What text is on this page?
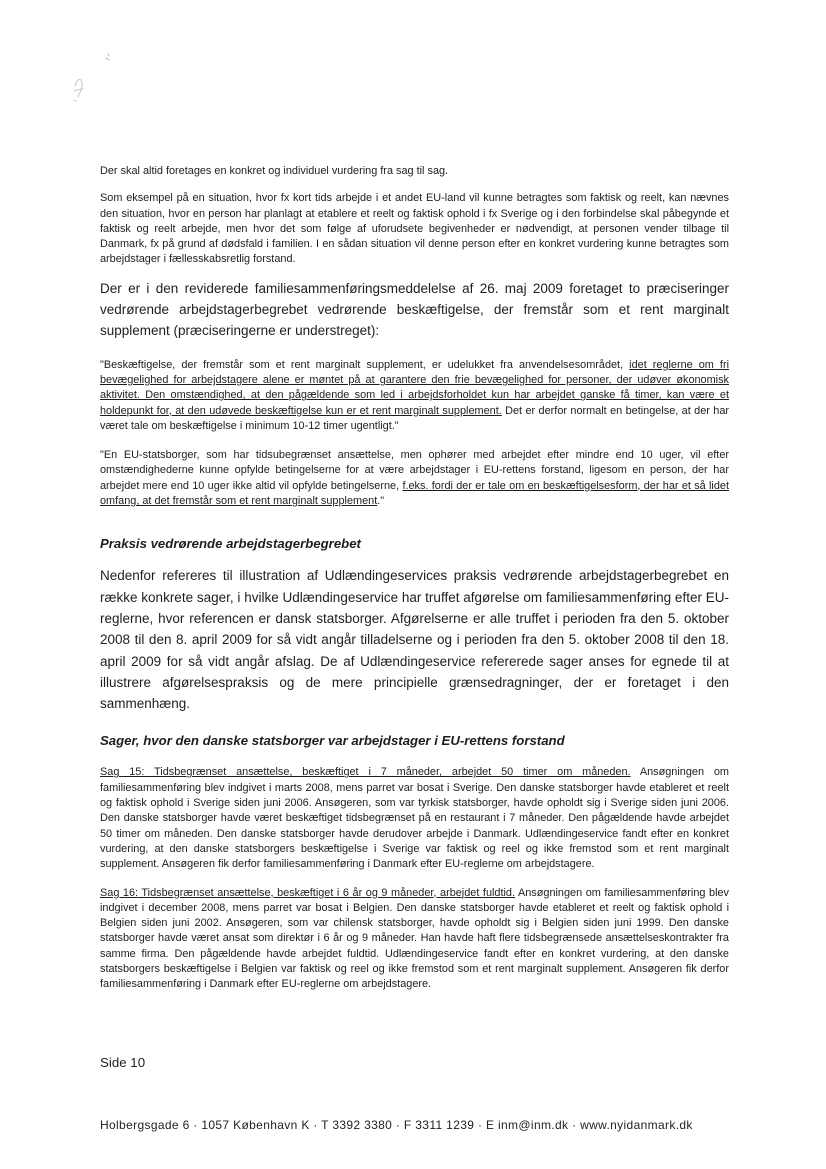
Der skal altid foretages en konkret og individuel vurdering fra sag til sag.

Som eksempel på en situation, hvor fx kort tids arbejde i et andet EU-land vil kunne betragtes som faktisk og reelt, kan nævnes den situation, hvor en person har planlagt at etablere et reelt og faktisk ophold i fx Sverige og i den forbindelse skal påbegynde et faktisk og reelt arbejde, men hvor det som følge af uforudsete begivenheder er nødvendigt, at personen vender tilbage til Danmark, fx på grund af dødsfald i familien. I en sådan situation vil denne person efter en konkret vurdering kunne betragtes som arbejdstager i fællesskabsretlig forstand.

Der er i den reviderede familiesammenføringsmeddelelse af 26. maj 2009 foretaget to præciseringer vedrørende arbejdstagerbegrebet vedrørende beskæftigelse, der fremstår som et rent marginalt supplement (præciseringerne er understreget):

"Beskæftigelse, der fremstår som et rent marginalt supplement, er udelukket fra anvendelsesområdet, idet reglerne om fri bevægelighed for arbejdstagere alene er møntet på at garantere den frie bevægelighed for personer, der udøver økonomisk aktivitet. Den omstændighed, at den pågældende som led i arbejdsforholdet kun har arbejdet ganske få timer, kan være et holdepunkt for, at den udøvede beskæftigelse kun er et rent marginalt supplement. Det er derfor normalt en betingelse, at der har været tale om beskæftigelse i minimum 10-12 timer ugentligt."

"En EU-statsborger, som har tidsubegrænset ansættelse, men ophører med arbejdet efter mindre end 10 uger, vil efter omstændighederne kunne opfylde betingelserne for at være arbejdstager i EU-rettens forstand, ligesom en person, der har arbejdet mere end 10 uger ikke altid vil opfylde betingelserne, f.eks. fordi der er tale om en beskæftigelsesform, der har et så lidet omfang, at det fremstår som et rent marginalt supplement."

Praksis vedrørende arbejdstagerbegrebet

Nedenfor refereres til illustration af Udlændingeservices praksis vedrørende arbejdstagerbegrebet en række konkrete sager, i hvilke Udlændingeservice har truffet afgørelse om familiesammenføring efter EU-reglerne, hvor referencen er dansk statsborger. Afgørelserne er alle truffet i perioden fra den 5. oktober 2008 til den 8. april 2009 for så vidt angår tilladelserne og i perioden fra den 5. oktober 2008 til den 18. april 2009 for så vidt angår afslag. De af Udlændingeservice refererede sager anses for egnede til at illustrere afgørelsespraksis og de mere principielle grænsedragninger, der er foretaget i den sammenhæng.

Sager, hvor den danske statsborger var arbejdstager i EU-rettens forstand

Sag 15: Tidsbegrænset ansættelse, beskæftiget i 7 måneder, arbejdet 50 timer om måneden. Ansøgningen om familiesammenføring blev indgivet i marts 2008, mens parret var bosat i Sverige. Den danske statsborger havde etableret et reelt og faktisk ophold i Sverige siden juni 2006. Ansøgeren, som var tyrkisk statsborger, havde opholdt sig i Sverige siden juni 2006. Den danske statsborger havde været beskæftiget tidsbegrænset på en restaurant i 7 måneder. Den pågældende havde arbejdet 50 timer om måneden. Den danske statsborger havde derudover arbejde i Danmark. Udlændingeservice fandt efter en konkret vurdering, at den danske statsborgers beskæftigelse i Sverige var faktisk og reel og ikke fremstod som et rent marginalt supplement. Ansøgeren fik derfor familiesammenføring i Danmark efter EU-reglerne om arbejdstagere.

Sag 16: Tidsbegrænset ansættelse, beskæftiget i 6 år og 9 måneder, arbejdet fuldtid. Ansøgningen om familiesammenføring blev indgivet i december 2008, mens parret var bosat i Belgien. Den danske statsborger havde etableret et reelt og faktisk ophold i Belgien siden juni 2002. Ansøgeren, som var chilensk statsborger, havde opholdt sig i Belgien siden juni 1999. Den danske statsborger havde været ansat som direktør i 6 år og 9 måneder. Han havde haft flere tidsbegrænsede ansættelseskontrakter fra samme firma. Den pågældende havde arbejdet fuldtid. Udlændingeservice fandt efter en konkret vurdering, at den danske statsborgers beskæftigelse i Belgien var faktisk og reel og ikke fremstod som et rent marginalt supplement. Ansøgeren fik derfor familiesammenføring i Danmark efter EU-reglerne om arbejdstagere.

Side 10
Holbergsgade 6 · 1057 København K · T 3392 3380 · F 3311 1239 · E inm@inm.dk · www.nyidanmark.dk
